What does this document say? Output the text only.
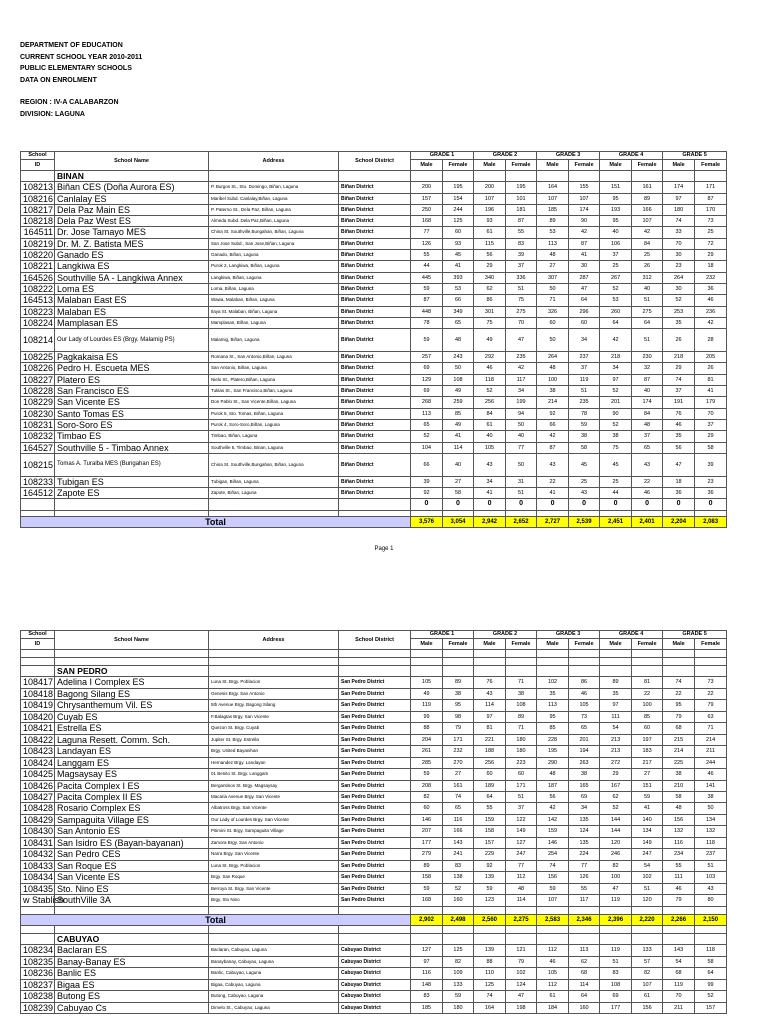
DEPARTMENT OF EDUCATION
CURRENT SCHOOL YEAR 2010-2011
PUBLIC ELEMENTARY SCHOOLS
DATA ON ENROLMENT
REGION : IV-A CALABARZON
DIVISION: LAGUNA
School	School Name	Address	School District	GRADE 1		GRADE 2		GRADE 3		GRADE 4		GRADE 5	
ID				Male	Female	Male	Female	Male	Female	Male	Female	Male	Female
	BINAN												
108213	Biñan CES (Doña Aurora ES)	P. Burgos St., Sto. Domingo, Biñan, Laguna	Biñan District	200	195	200	195	164	155	151	161	174	171
108216	Canlalay ES	Maribel Subd. Canlalay,Biñan, Laguna	Biñan District	157	154	107	101	107	107	95	89	97	87
108217	Dela Paz Main ES	P. Paterno St., Dela Paz, Biñan, Laguna	Biñan District	250	244	196	181	185	174	193	166	180	170
108218	Dela Paz West ES	Almeda Subd. Dela Paz,Biñan, Laguna	Biñan District	168	125	93	87	89	90	95	107	74	73
164511	Dr. Jose Tamayo MES	China St. Southville,Bungahan, Biñan, Laguna	Biñan District	77	60	61	55	53	42	40	42	33	25
108219	Dr. M. Z. Batista MES	San Jose Subd., San Jose,Biñan, Laguna	Biñan District	126	93	115	83	113	87	106	84	70	72
108220	Ganado ES	Ganado, Biñan, Laguna	Biñan District	55	45	56	39	48	41	37	25	30	29
108221	Langkiwa ES	Purok 2, Langkiwa, Biñan, Laguna	Biñan District	44	41	29	37	27	30	25	26	23	18
164526	Southville 5A - Langkiwa Annex	Langkiwa, Biñan, Laguna	Biñan District	445	393	340	336	307	287	267	312	264	232
108222	Loma ES	Loma, Biñan, Laguna	Biñan District	59	53	62	51	50	47	52	40	30	36
164513	Malaban East ES	Wawa, Malaban, Biñan, Laguna	Biñan District	87	66	86	75	71	64	53	51	52	46
108223	Malaban ES	Ilaya St. Malaban, Biñan, Laguna	Biñan District	448	349	301	275	326	296	260	275	253	236
108224	Mamplasan ES	Mamplasan, Biñan, Laguna	Biñan District	78	65	75	70	60	60	64	64	35	42
108214	Our Lady of Lourdes ES (Brgy. Malamig PS)	Malamig, Biñan, Laguna	Biñan District	59	48	49	47	50	34	42	51	26	28
108225	Pagkakaisa ES	Romana St., San Antonio,Biñan, Laguna	Biñan District	257	243	292	235	264	237	218	230	218	205
108226	Pedro H. Escueta MES	San Antonio, Biñan, Laguna	Biñan District	69	50	46	42	48	37	34	32	29	26
108227	Platero ES	Nielo St., Platero,Biñan, Laguna	Biñan District	129	108	118	117	100	119	97	87	74	81
108228	San Francisco ES	Tuklas St., San Francisco,Biñan, Laguna	Biñan District	69	49	52	34	38	51	52	40	37	41
108229	San Vicente ES	Don Pablo St., San Vicente,Biñan, Laguna	Biñan District	268	259	256	199	214	235	201	174	191	179
108230	Santo Tomas ES	Purok 5, Sto. Tomas, Biñan, Laguna	Biñan District	113	85	84	94	92	78	90	84	76	70
108231	Soro-Soro ES	Purok 4, Soro-Soro,Biñan, Laguna	Biñan District	65	49	61	50	66	59	52	48	46	37
108232	Timbao ES	Timbao, Biñan, Laguna	Biñan District	52	41	40	40	42	38	38	37	35	29
164527	Southville 5 - Timbao Annex	Southville 5, Timbao, Binan, Laguna	Biñan District	104	114	105	77	87	58	75	65	56	58
108215	Tomas A. Turalba MES (Bungahan ES)	China St. Southville,Bungahan, Biñan, Laguna	Biñan District	66	40	43	50	43	45	45	43	47	39
108233	Tubigan ES	Tubigan, Biñan, Laguna	Biñan District	39	27	34	31	22	25	25	22	18	23
164512	Zapote ES	Zapote, Biñan, Laguna	Biñan District	92	58	41	51	41	43	44	46	36	36
				0	0	0	0	0	0	0	0	0	0

Total				3,576	3,054	2,942	2,652	2,727	2,539	2,451	2,401	2,204	2,083
Page 1
School	School Name	Address	School District	GRADE 1		GRADE 2		GRADE 3		GRADE 4		GRADE 5	
ID				Male	Female	Male	Female	Male	Female	Male	Female	Male	Female

	SAN PEDRO												
108417	Adelina I Complex ES	Luna St. Brgy. Poblacion	San Pedro District	105	89	76	71	102	86	89	81	74	73
108418	Bagong Silang ES	Genesis Brgy. San Antonio	San Pedro District	49	38	43	38	35	46	35	22	22	22
108419	Chrysanthemum Vil. ES	5th Avenue Brgy. Bagong Silang	San Pedro District	119	95	114	108	113	105	97	100	95	79
108420	Cuyab ES	F.Balagtas Brgy. San Vicente	San Pedro District	99	98	97	89	95	73	111	85	79	63
108421	Estrella ES	Quezon St. Brgy. Cuyab	San Pedro District	88	79	81	71	85	65	54	60	68	71
108422	Laguna Resett. Comm. Sch.	Jupiter St. Brgy. Estrella	San Pedro District	204	171	221	180	228	201	213	197	215	214
108423	Landayan ES	Brgy. United Bayanihan	San Pedro District	261	232	188	180	195	194	213	183	214	211
108424	Langgam ES	Hernandez Brgy. Landayan	San Pedro District	285	270	256	223	290	263	272	217	225	244
108425	Magsaysay ES	01 Benito St. Brgy. Langgam	San Pedro District	59	27	60	60	48	38	29	27	38	46
108426	Pacita Complex I ES	Bergantinos St. Brgy. Magsaysay	San Pedro District	208	161	189	171	187	165	167	151	210	141
108427	Pacita Complex II ES	Macaria Avenue Brgy. San Vicente	San Pedro District	82	74	64	51	56	69	62	59	58	38
108428	Rosario Complex ES	Albatross Brgy. San Vicente	San Pedro District	60	65	55	37	42	34	52	41	48	50
108429	Sampaguita Village ES	Our Lady of Lourdes Brgy. San Vicente	San Pedro District	146	116	159	122	142	135	144	140	156	134
108430	San Antonio ES	Pitimini St. Brgy. Sampaguita Village	San Pedro District	207	166	158	149	159	124	144	134	132	132
108431	San Isidro ES (Bayan-bayanan)	Zamora Brgy. San Antonio	San Pedro District	177	143	157	127	146	135	120	149	116	118
108432	San Pedro CES	Narra Brgy. San Vicente	San Pedro District	279	241	229	247	254	224	246	247	234	237
108433	San Roque ES	Luna St. Brgy. Poblacion	San Pedro District	89	83	92	77	74	77	82	54	55	51
108434	San Vicente ES	Brgy. San Roque	San Pedro District	158	138	139	112	156	126	100	102	111	103
108435	Sto. Nino ES	Berroya St. Brgy. San Vicente	San Pedro District	59	52	59	48	59	55	47	51	46	43
w Stablish	SouthVille 3A	Brgy. Sto Nino	San Pedro District	168	160	123	114	107	117	119	120	79	80

Total				2,902	2,498	2,560	2,275	2,583	2,346	2,396	2,220	2,266	2,150

	CABUYAO												
108234	Baclaran ES	Baclaran, Cabuyao, Laguna	Cabuyao District	127	125	139	121	112	113	119	133	143	118
108235	Banay-Banay ES	Banaybanay, Cabuyao, Laguna	Cabuyao District	97	82	88	79	46	62	51	57	54	58
108236	Banlic ES	Banlic, Cabuyao, Laguna	Cabuyao District	116	109	110	102	105	68	83	82	68	64
108237	Bigaa ES	Bigaa, Cabuyao, Laguna	Cabuyao District	148	133	125	124	112	114	108	107	119	99
108238	Butong ES	Butong, Cabuyao, Laguna	Cabuyao District	83	59	74	47	61	64	69	61	70	52
108239	Cabuyao Cs	Dimelo St., Cabuyao, Laguna	Cabuyao District	185	180	164	198	184	160	177	156	211	157
